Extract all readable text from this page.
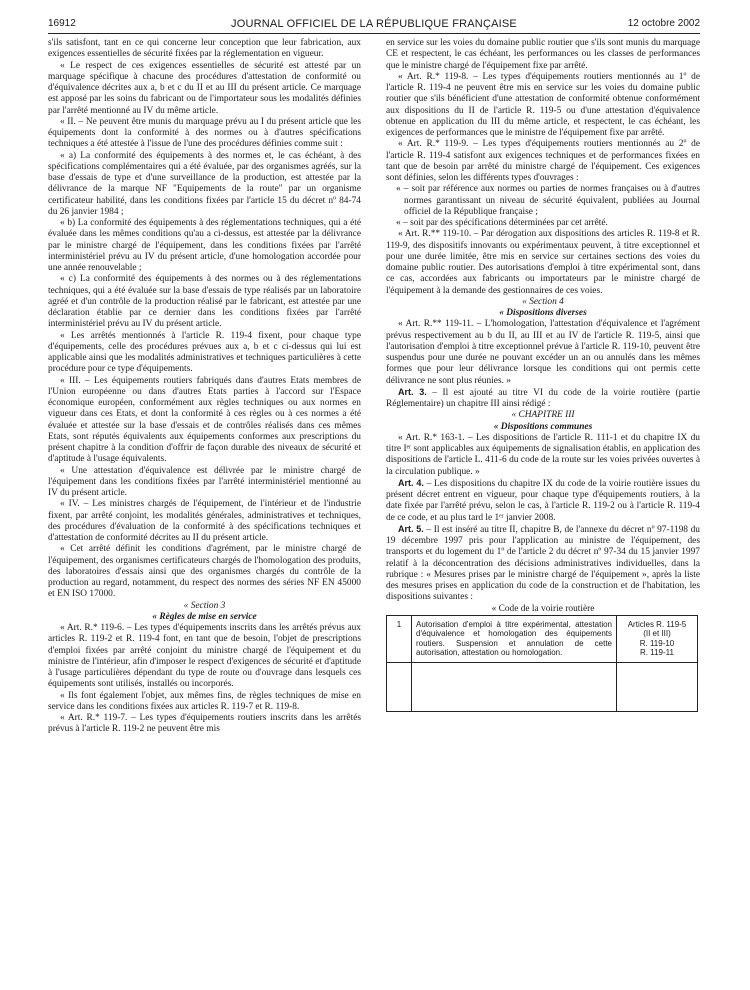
16912	JOURNAL OFFICIEL DE LA RÉPUBLIQUE FRANÇAISE	12 octobre 2002

s'ils satisfont, tant en ce qui concerne leur conception que leur fabrication, aux exigences essentielles de sécurité fixées par la réglementation en vigueur.

« Le respect de ces exigences essentielles de sécurité est attesté par un marquage spécifique à chacune des procédures d'attestation de conformité ou d'équivalence décrites aux a, b et c du II et au III du présent article. Ce marquage est apposé par les soins du fabricant ou de l'importateur sous les modalités définies par l'arrêté mentionné au IV du même article.

« II. – Ne peuvent être munis du marquage prévu au I du présent article que les équipements dont la conformité à des normes ou à d'autres spécifications techniques a été attestée à l'issue de l'une des procédures définies comme suit :

« a) La conformité des équipements à des normes et, le cas échéant, à des spécifications complémentaires qui a été évaluée, par des organismes agréés, sur la base d'essais de type et d'une surveillance de la production, est attestée par la délivrance de la marque NF "Equipements de la route" par un organisme certificateur habilité, dans les conditions fixées par l'article 15 du décret nº 84-74 du 26 janvier 1984 ;

« b) La conformité des équipements à des réglementations techniques, qui a été évaluée dans les mêmes conditions qu'au a ci-dessus, est attestée par la délivrance par le ministre chargé de l'équipement, dans les conditions fixées par l'arrêté interministériel prévu au IV du présent article, d'une homologation accordée pour une année renouvelable ;

« c) La conformité des équipements à des normes ou à des réglementations techniques, qui a été évaluée sur la base d'essais de type réalisés par un laboratoire agréé et d'un contrôle de la production réalisé par le fabricant, est attestée par une déclaration établie par ce dernier dans les conditions fixées par l'arrêté interministériel prévu au IV du présent article.

« Les arrêtés mentionnés à l'article R. 119-4 fixent, pour chaque type d'équipements, celle des procédures prévues aux a, b et c ci-dessus qui lui est applicable ainsi que les modalités administratives et techniques particulières à cette procédure pour ce type d'équipements.

« III. – Les équipements routiers fabriqués dans d'autres Etats membres de l'Union européenne ou dans d'autres Etats parties à l'accord sur l'Espace économique européen, conformément aux règles techniques ou aux normes en vigueur dans ces Etats, et dont la conformité à ces règles ou à ces normes a été évaluée et attestée sur la base d'essais et de contrôles réalisés dans ces mêmes Etats, sont réputés équivalents aux équipements conformes aux prescriptions du présent chapitre à la condition d'offrir de façon durable des niveaux de sécurité et d'aptitude à l'usage équivalents.

« Une attestation d'équivalence est délivrée par le ministre chargé de l'équipement dans les conditions fixées par l'arrêté interministériel mentionné au IV du présent article.

« IV. – Les ministres chargés de l'équipement, de l'intérieur et de l'industrie fixent, par arrêté conjoint, les modalités générales, administratives et techniques, des procédures d'évaluation de la conformité à des spécifications techniques et d'attestation de conformité décrites au II du présent article.

« Cet arrêté définit les conditions d'agrément, par le ministre chargé de l'équipement, des organismes certificateurs chargés de l'homologation des produits, des laboratoires d'essais ainsi que des organismes chargés du contrôle de la production au regard, notamment, du respect des normes des séries NF EN 45000 et EN ISO 17000.

« Section 3

« Règles de mise en service

« Art. R.* 119-6. – Les types d'équipements inscrits dans les arrêtés prévus aux articles R. 119-2 et R. 119-4 font, en tant que de besoin, l'objet de prescriptions d'emploi fixées par arrêté conjoint du ministre chargé de l'équipement et du ministre de l'intérieur, afin d'imposer le respect d'exigences de sécurité et d'aptitude à l'usage particulières dépendant du type de route ou d'ouvrage dans lesquels ces équipements sont utilisés, installés ou incorporés.

« Ils font également l'objet, aux mêmes fins, de règles techniques de mise en service dans les conditions fixées aux articles R. 119-7 et R. 119-8.

« Art. R.* 119-7. – Les types d'équipements routiers inscrits dans les arrêtés prévus à l'article R. 119-2 ne peuvent être mis

en service sur les voies du domaine public routier que s'ils sont munis du marquage CE et respectent, le cas échéant, les performances ou les classes de performances que le ministre chargé de l'équipement fixe par arrêté.

« Art. R.* 119-8. – Les types d'équipements routiers mentionnés au 1º de l'article R. 119-4 ne peuvent être mis en service sur les voies du domaine public routier que s'ils bénéficient d'une attestation de conformité obtenue conformément aux dispositions du II de l'article R. 119-5 ou d'une attestation d'équivalence obtenue en application du III du même article, et respectent, le cas échéant, les exigences de performances que le ministre de l'équipement fixe par arrêté.

« Art. R.* 119-9. – Les types d'équipements routiers mentionnés au 2º de l'article R. 119-4 satisfont aux exigences techniques et de performances fixées en tant que de besoin par arrêté du ministre chargé de l'équipement. Ces exigences sont définies, selon les différents types d'ouvrages :

« – soit par référence aux normes ou parties de normes françaises ou à d'autres normes garantissant un niveau de sécurité équivalent, publiées au Journal officiel de la République française ;

« – soit par des spécifications déterminées par cet arrêté.

« Art. R.** 119-10. – Par dérogation aux dispositions des articles R. 119-8 et R. 119-9, des dispositifs innovants ou expérimentaux peuvent, à titre exceptionnel et pour une durée limitée, être mis en service sur certaines sections des voies du domaine public routier. Des autorisations d'emploi à titre expérimental sont, dans ce cas, accordées aux fabricants ou importateurs par le ministre chargé de l'équipement à la demande des gestionnaires de ces voies.

« Section 4

« Dispositions diverses

« Art. R.** 119-11. – L'homologation, l'attestation d'équivalence et l'agrément prévus respectivement au b du II, au III et au IV de l'article R. 119-5, ainsi que l'autorisation d'emploi à titre exceptionnel prévue à l'article R. 119-10, peuvent être suspendus pour une durée ne pouvant excéder un an ou annulés dans les mêmes formes que pour leur délivrance lorsque les conditions qui ont permis cette délivrance ne sont plus réunies. »

Art. 3. – Il est ajouté au titre VI du code de la voirie routière (partie Réglementaire) un chapitre III ainsi rédigé :

« CHAPITRE III

« Dispositions communes

« Art. R.* 163-1. – Les dispositions de l'article R. 111-1 et du chapitre IX du titre Iᵉʳ sont applicables aux équipements de signalisation établis, en application des dispositions de l'article L. 411-6 du code de la route sur les voies privées ouvertes à la circulation publique. »

Art. 4. – Les dispositions du chapitre IX du code de la voirie routière issues du présent décret entrent en vigueur, pour chaque type d'équipements routiers, à la date fixée par l'arrêté prévu, selon le cas, à l'article R. 119-2 ou à l'article R. 119-4 de ce code, et au plus tard le 1ᵉʳ janvier 2008.

Art. 5. – Il est inséré au titre II, chapitre B, de l'annexe du décret nº 97-1198 du 19 décembre 1997 pris pour l'application au ministre de l'équipement, des transports et du logement du 1º de l'article 2 du décret nº 97-34 du 15 janvier 1997 relatif à la déconcentration des décisions administratives individuelles, dans la rubrique : « Mesures prises par le ministre chargé de l'équipement », après la liste des mesures prises en application du code de la construction et de l'habitation, les dispositions suivantes :

« Code de la voirie routière

1	Autorisation d'emploi à titre expérimental, attestation d'équivalence et homologation des équipements routiers. Suspension et annulation de cette autorisation, attestation ou homologation.	Articles R. 119-5
(II et III)
R. 119-10
R. 119-11
